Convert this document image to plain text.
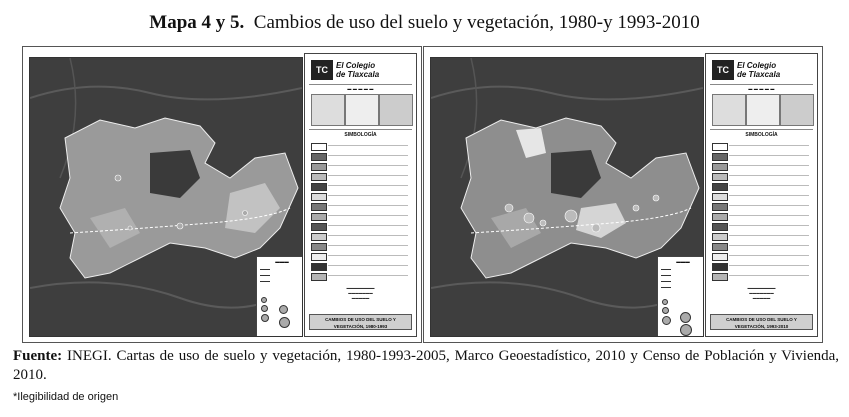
Mapa 4 y 5. Cambios de uso del suelo y vegetación, 1980-y 1993-2010
▬▬▬
TC	El Colegio
de Tlaxcala
▬ ▬ ▬ ▬ ▬
SIMBOLOGÍA
▬▬▬▬▬▬▬▬
▬▬▬▬▬▬▬
▬▬▬▬▬
CAMBIOS DE USO DEL SUELO Y VEGETACIÓN, 1980-1993
▬▬▬
TC	El Colegio
de Tlaxcala
▬ ▬ ▬ ▬ ▬
SIMBOLOGÍA
▬▬▬▬▬▬▬▬
▬▬▬▬▬▬▬
▬▬▬▬▬
CAMBIOS DE USO DEL SUELO Y VEGETACIÓN, 1993-2010
Fuente: INEGI. Cartas de uso de suelo y vegetación, 1980-1993-2005, Marco Geoestadístico, 2010 y Censo de Población y Vivienda, 2010.
*Ilegibilidad de origen
